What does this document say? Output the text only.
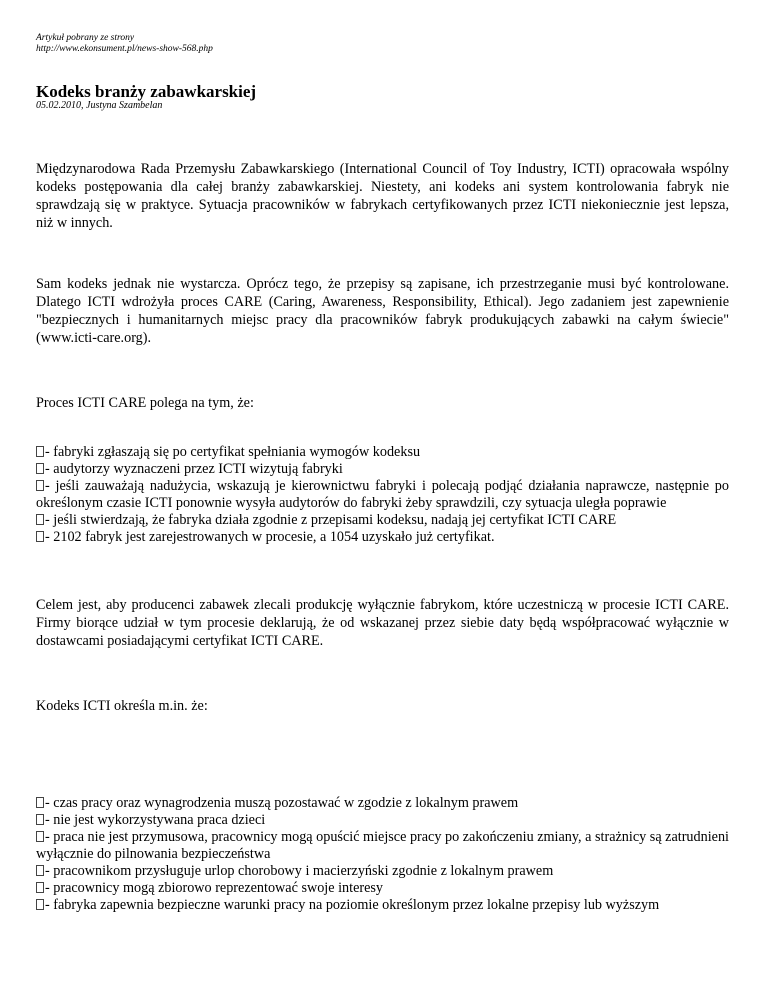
Artykuł pobrany ze strony
http://www.ekonsument.pl/news-show-568.php
Kodeks branży zabawkarskiej
05.02.2010, Justyna Szambelan

Międzynarodowa Rada Przemysłu Zabawkarskiego (International Council of Toy Industry, ICTI) opracowała wspólny kodeks postępowania dla całej branży zabawkarskiej. Niestety, ani kodeks ani system kontrolowania fabryk nie sprawdzają się w praktyce. Sytuacja pracowników w fabrykach certyfikowanych przez ICTI niekoniecznie jest lepsza, niż w innych.

Sam kodeks jednak nie wystarcza. Oprócz tego, że przepisy są zapisane, ich przestrzeganie musi być kontrolowane. Dlatego ICTI wdrożyła proces CARE (Caring, Awareness, Responsibility, Ethical). Jego zadaniem jest zapewnienie "bezpiecznych i humanitarnych miejsc pracy dla pracowników fabryk produkujących zabawki na całym świecie" (www.icti-care.org).

Proces ICTI CARE polega na tym, że:

- fabryki zgłaszają się po certyfikat spełniania wymogów kodeksu
- audytorzy wyznaczeni przez ICTI wizytują fabryki
- jeśli zauważają nadużycia, wskazują je kierownictwu fabryki i polecają podjąć działania naprawcze, następnie po określonym czasie ICTI ponownie wysyła audytorów do fabryki żeby sprawdzili, czy sytuacja uległa poprawie
- jeśli stwierdzają, że fabryka działa zgodnie z przepisami kodeksu, nadają jej certyfikat ICTI CARE
- 2102 fabryk jest zarejestrowanych w procesie, a 1054 uzyskało już certyfikat.

Celem jest, aby producenci zabawek zlecali produkcję wyłącznie fabrykom, które uczestniczą w procesie ICTI CARE. Firmy biorące udział w tym procesie deklarują, że od wskazanej przez siebie daty będą współpracować wyłącznie w dostawcami posiadającymi certyfikat ICTI CARE.

Kodeks ICTI określa m.in. że:

- czas pracy oraz wynagrodzenia muszą pozostawać w zgodzie z lokalnym prawem
- nie jest wykorzystywana praca dzieci
- praca nie jest przymusowa, pracownicy mogą opuścić miejsce pracy po zakończeniu zmiany, a strażnicy są zatrudnieni wyłącznie do pilnowania bezpieczeństwa
- pracownikom przysługuje urlop chorobowy i macierzyński zgodnie z lokalnym prawem
- pracownicy mogą zbiorowo reprezentować swoje interesy
- fabryka zapewnia bezpieczne warunki pracy na poziomie określonym przez lokalne przepisy lub wyższym
